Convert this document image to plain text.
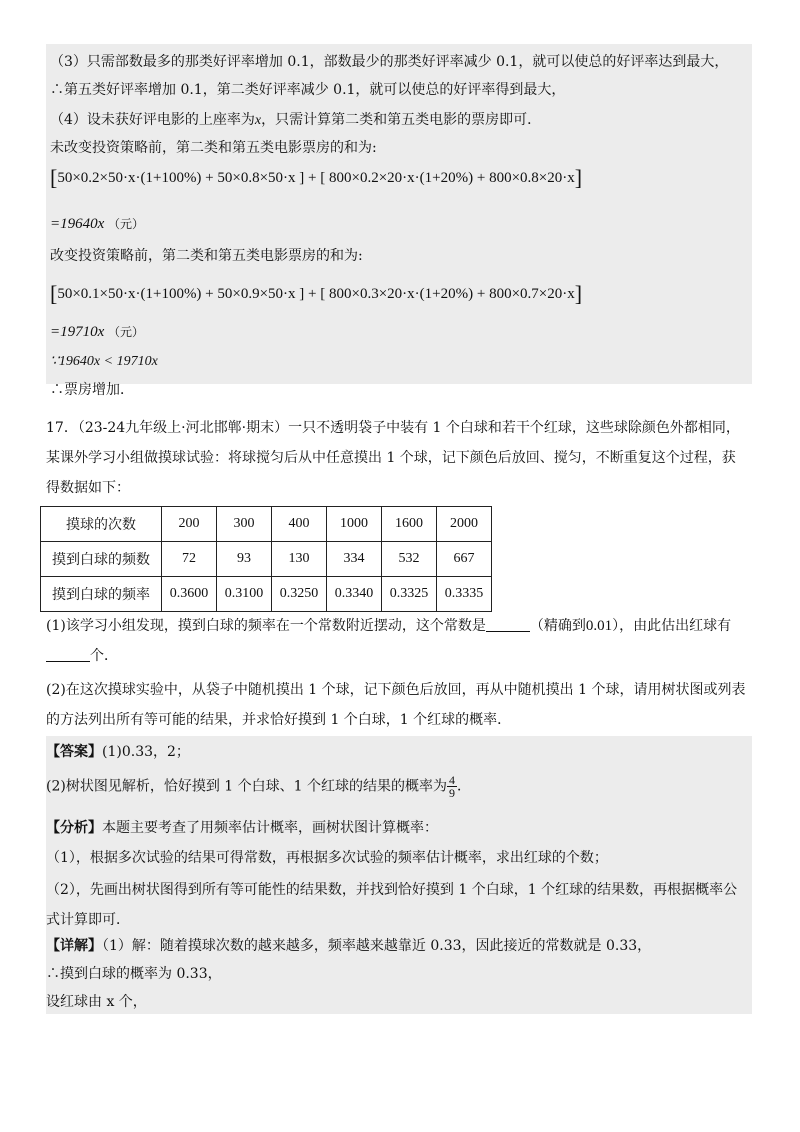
（3）只需部数最多的那类好评率增加 0.1，部数最少的那类好评率减少 0.1，就可以使总的好评率达到最大，
∴第五类好评率增加 0.1，第二类好评率减少 0.1，就可以使总的好评率得到最大，
（4）设未获好评电影的上座率为x，只需计算第二类和第五类电影的票房即可．
未改变投资策略前，第二类和第五类电影票房的和为:
[50×0.2×50·x·(1+100%) + 50×0.8×50·x ] + [ 800×0.2×20·x·(1+20%) + 800×0.8×20·x]
=19640x （元）
改变投资策略前，第二类和第五类电影票房的和为:
[50×0.1×50·x·(1+100%) + 50×0.9×50·x ] + [ 800×0.3×20·x·(1+20%) + 800×0.7×20·x]
=19710x （元）
∵19640x < 19710x
∴票房增加．
17．（23-24九年级上·河北邯郸·期末）一只不透明袋子中装有 1 个白球和若干个红球，这些球除颜色外都相同，
某课外学习小组做摸球试验：将球搅匀后从中任意摸出 1 个球，记下颜色后放回、搅匀，不断重复这个过程，获
得数据如下：
摸球的次数	200	300	400	1000	1600	2000
摸到白球的频数	72	93	130	334	532	667
摸到白球的频率	0.3600	0.3100	0.3250	0.3340	0.3325	0.3335
(1)该学习小组发现，摸到白球的频率在一个常数附近摆动，这个常数是	（精确到0.01），由此估出红球有
个．
(2)在这次摸球实验中，从袋子中随机摸出 1 个球，记下颜色后放回，再从中随机摸出 1 个球，请用树状图或列表
的方法列出所有等可能的结果，并求恰好摸到 1 个白球，1 个红球的概率．
【答案】(1)0.33，2；
(2)树状图见解析，恰好摸到 1 个白球、1 个红球的结果的概率为 $\frac{4}{9}$ ．
【分析】本题主要考查了用频率估计概率，画树状图计算概率：
（1），根据多次试验的结果可得常数，再根据多次试验的频率估计概率，求出红球的个数；
（2），先画出树状图得到所有等可能性的结果数，并找到恰好摸到 1 个白球，1 个红球的结果数，再根据概率公
式计算即可．
【详解】（1）解：随着摸球次数的越来越多，频率越来越靠近 0.33，因此接近的常数就是 0.33，
∴摸到白球的概率为 0.33，
设红球由 x 个，
